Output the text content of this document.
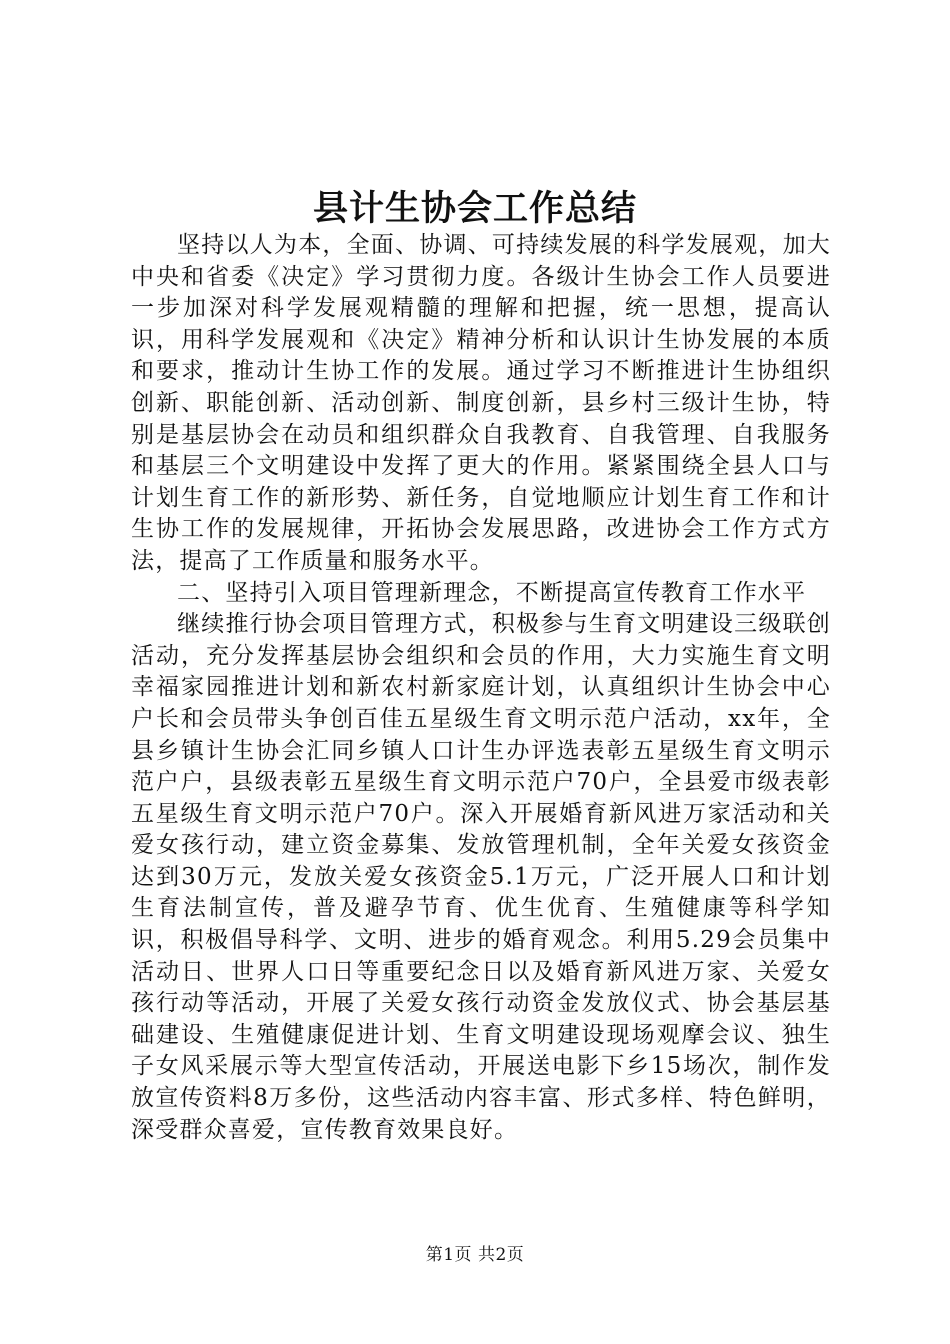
县计生协会工作总结

坚持以人为本，全面、协调、可持续发展的科学发展观，加大中央和省委《决定》学习贯彻力度。各级计生协会工作人员要进一步加深对科学发展观精髓的理解和把握，统一思想，提高认识，用科学发展观和《决定》精神分析和认识计生协发展的本质和要求，推动计生协工作的发展。通过学习不断推进计生协组织创新、职能创新、活动创新、制度创新，县乡村三级计生协，特别是基层协会在动员和组织群众自我教育、自我管理、自我服务和基层三个文明建设中发挥了更大的作用。紧紧围绕全县人口与计划生育工作的新形势、新任务，自觉地顺应计划生育工作和计生协工作的发展规律，开拓协会发展思路，改进协会工作方式方法，提高了工作质量和服务水平。

二、坚持引入项目管理新理念，不断提高宣传教育工作水平

继续推行协会项目管理方式，积极参与生育文明建设三级联创活动，充分发挥基层协会组织和会员的作用，大力实施生育文明幸福家园推进计划和新农村新家庭计划，认真组织计生协会中心户长和会员带头争创百佳五星级生育文明示范户活动，xx年，全县乡镇计生协会汇同乡镇人口计生办评选表彰五星级生育文明示范户户，县级表彰五星级生育文明示范户70户，全县爱市级表彰五星级生育文明示范户70户。深入开展婚育新风进万家活动和关爱女孩行动，建立资金募集、发放管理机制，全年关爱女孩资金达到30万元，发放关爱女孩资金5.1万元，广泛开展人口和计划生育法制宣传，普及避孕节育、优生优育、生殖健康等科学知识，积极倡导科学、文明、进步的婚育观念。利用5.29会员集中活动日、世界人口日等重要纪念日以及婚育新风进万家、关爱女孩行动等活动，开展了关爱女孩行动资金发放仪式、协会基层基础建设、生殖健康促进计划、生育文明建设现场观摩会议、独生子女风采展示等大型宣传活动，开展送电影下乡15场次，制作发放宣传资料8万多份，这些活动内容丰富、形式多样、特色鲜明，深受群众喜爱，宣传教育效果良好。

第1页 共2页
